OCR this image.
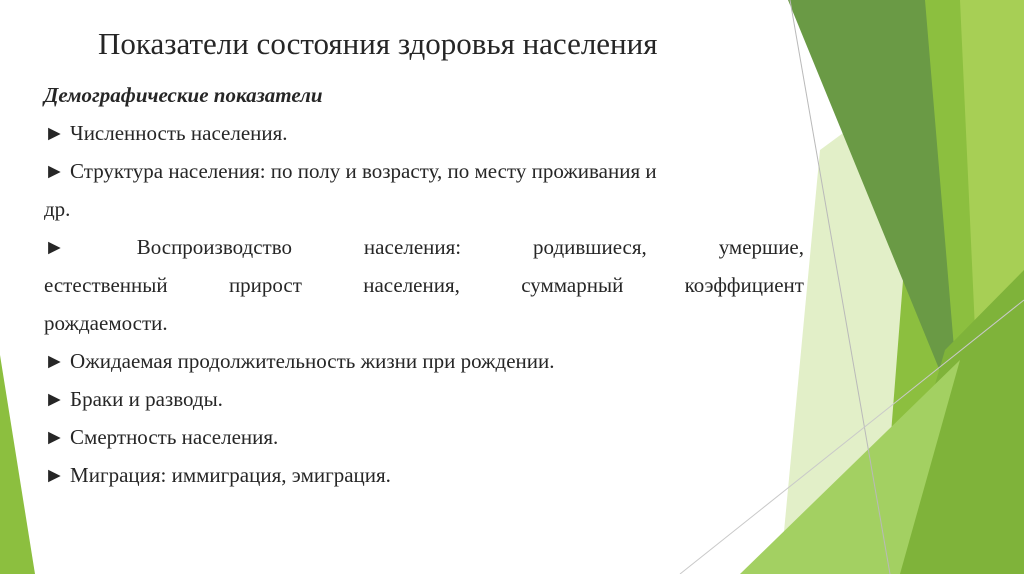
Показатели состояния здоровья населения

Демографические показатели

► Численность населения.

► Структура населения: по полу и возрасту, по месту проживания и

др.

►	Воспроизводство	населения:	родившиеся,	умершие,
естественный	прирост	населения,	суммарный	коэффициент

рождаемости.

► Ожидаемая продолжительность жизни при рождении.

► Браки и разводы.

► Смертность населения.

► Миграция: иммиграция, эмиграция.
